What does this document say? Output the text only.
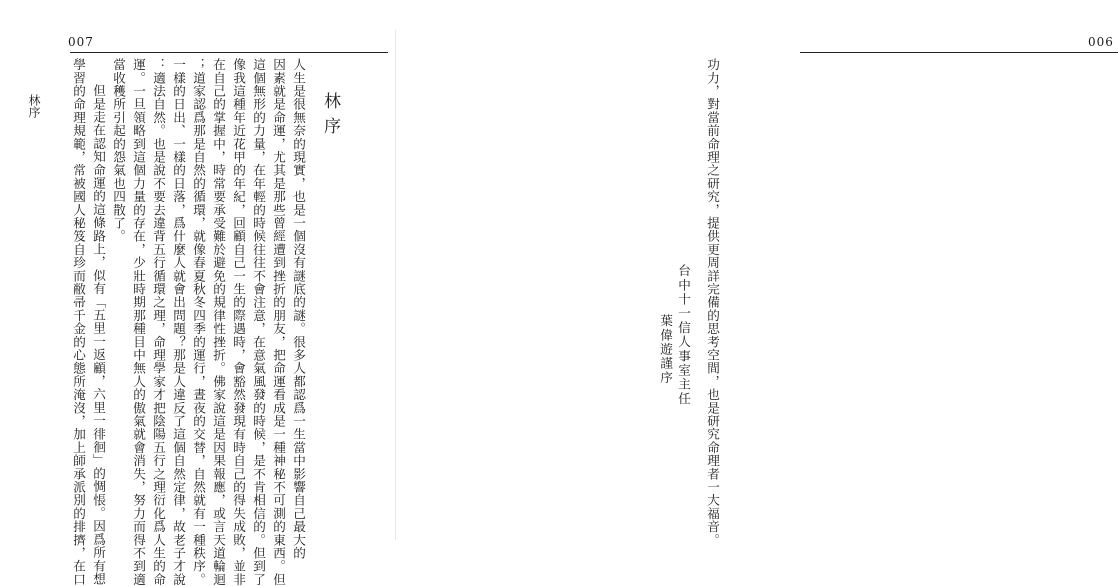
007
林序	林序
人生是很無奈的現實，也是一個沒有謎底的謎。很多人都認爲一生當中影響自己最大的
因素就是命運，尤其是那些曾經遭到挫折的朋友，把命運看成是一種神秘不可測的東西。但
這個無形的力量，在年輕的時候往往不會注意，在意氣風發的時候，是不肯相信的。但到了
像我這種年近花甲的年紀，回顧自己一生的際遇時，會豁然發現有時自己的得失成敗，並非
在自己的掌握中，時常要承受難於避免的規律性挫折。佛家說這是因果報應，或言天道輪迴
；道家認爲那是自然的循環，就像春夏秋冬四季的運行，晝夜的交替，自然就有一種秩序。
一樣的日出、一樣的日落，爲什麼人就會出問題？那是人違反了這個自然定律，故老子才說
：適法自然。也是說不要去違背五行循環之理，命理學家才把陰陽五行之理衍化爲人生的命
運。一旦領略到這個力量的存在，少壯時期那種目中無人的傲氣就會消失，努力而得不到適
當收穫所引起的怨氣也四散了。
但是走在認知命運的這條路上，似有「五里一返顧，六里一徘徊」的惆悵。因爲所有想
學習的命理規範，常被國人秘笈自珍而敝帚千金的心態所淹沒，加上師承派別的排擠，在口
006
功力，對當前命理之研究，提供更周詳完備的思考空間，也是研究命理者一大福音。
台中十一信人事室主任
葉偉遊謹序
